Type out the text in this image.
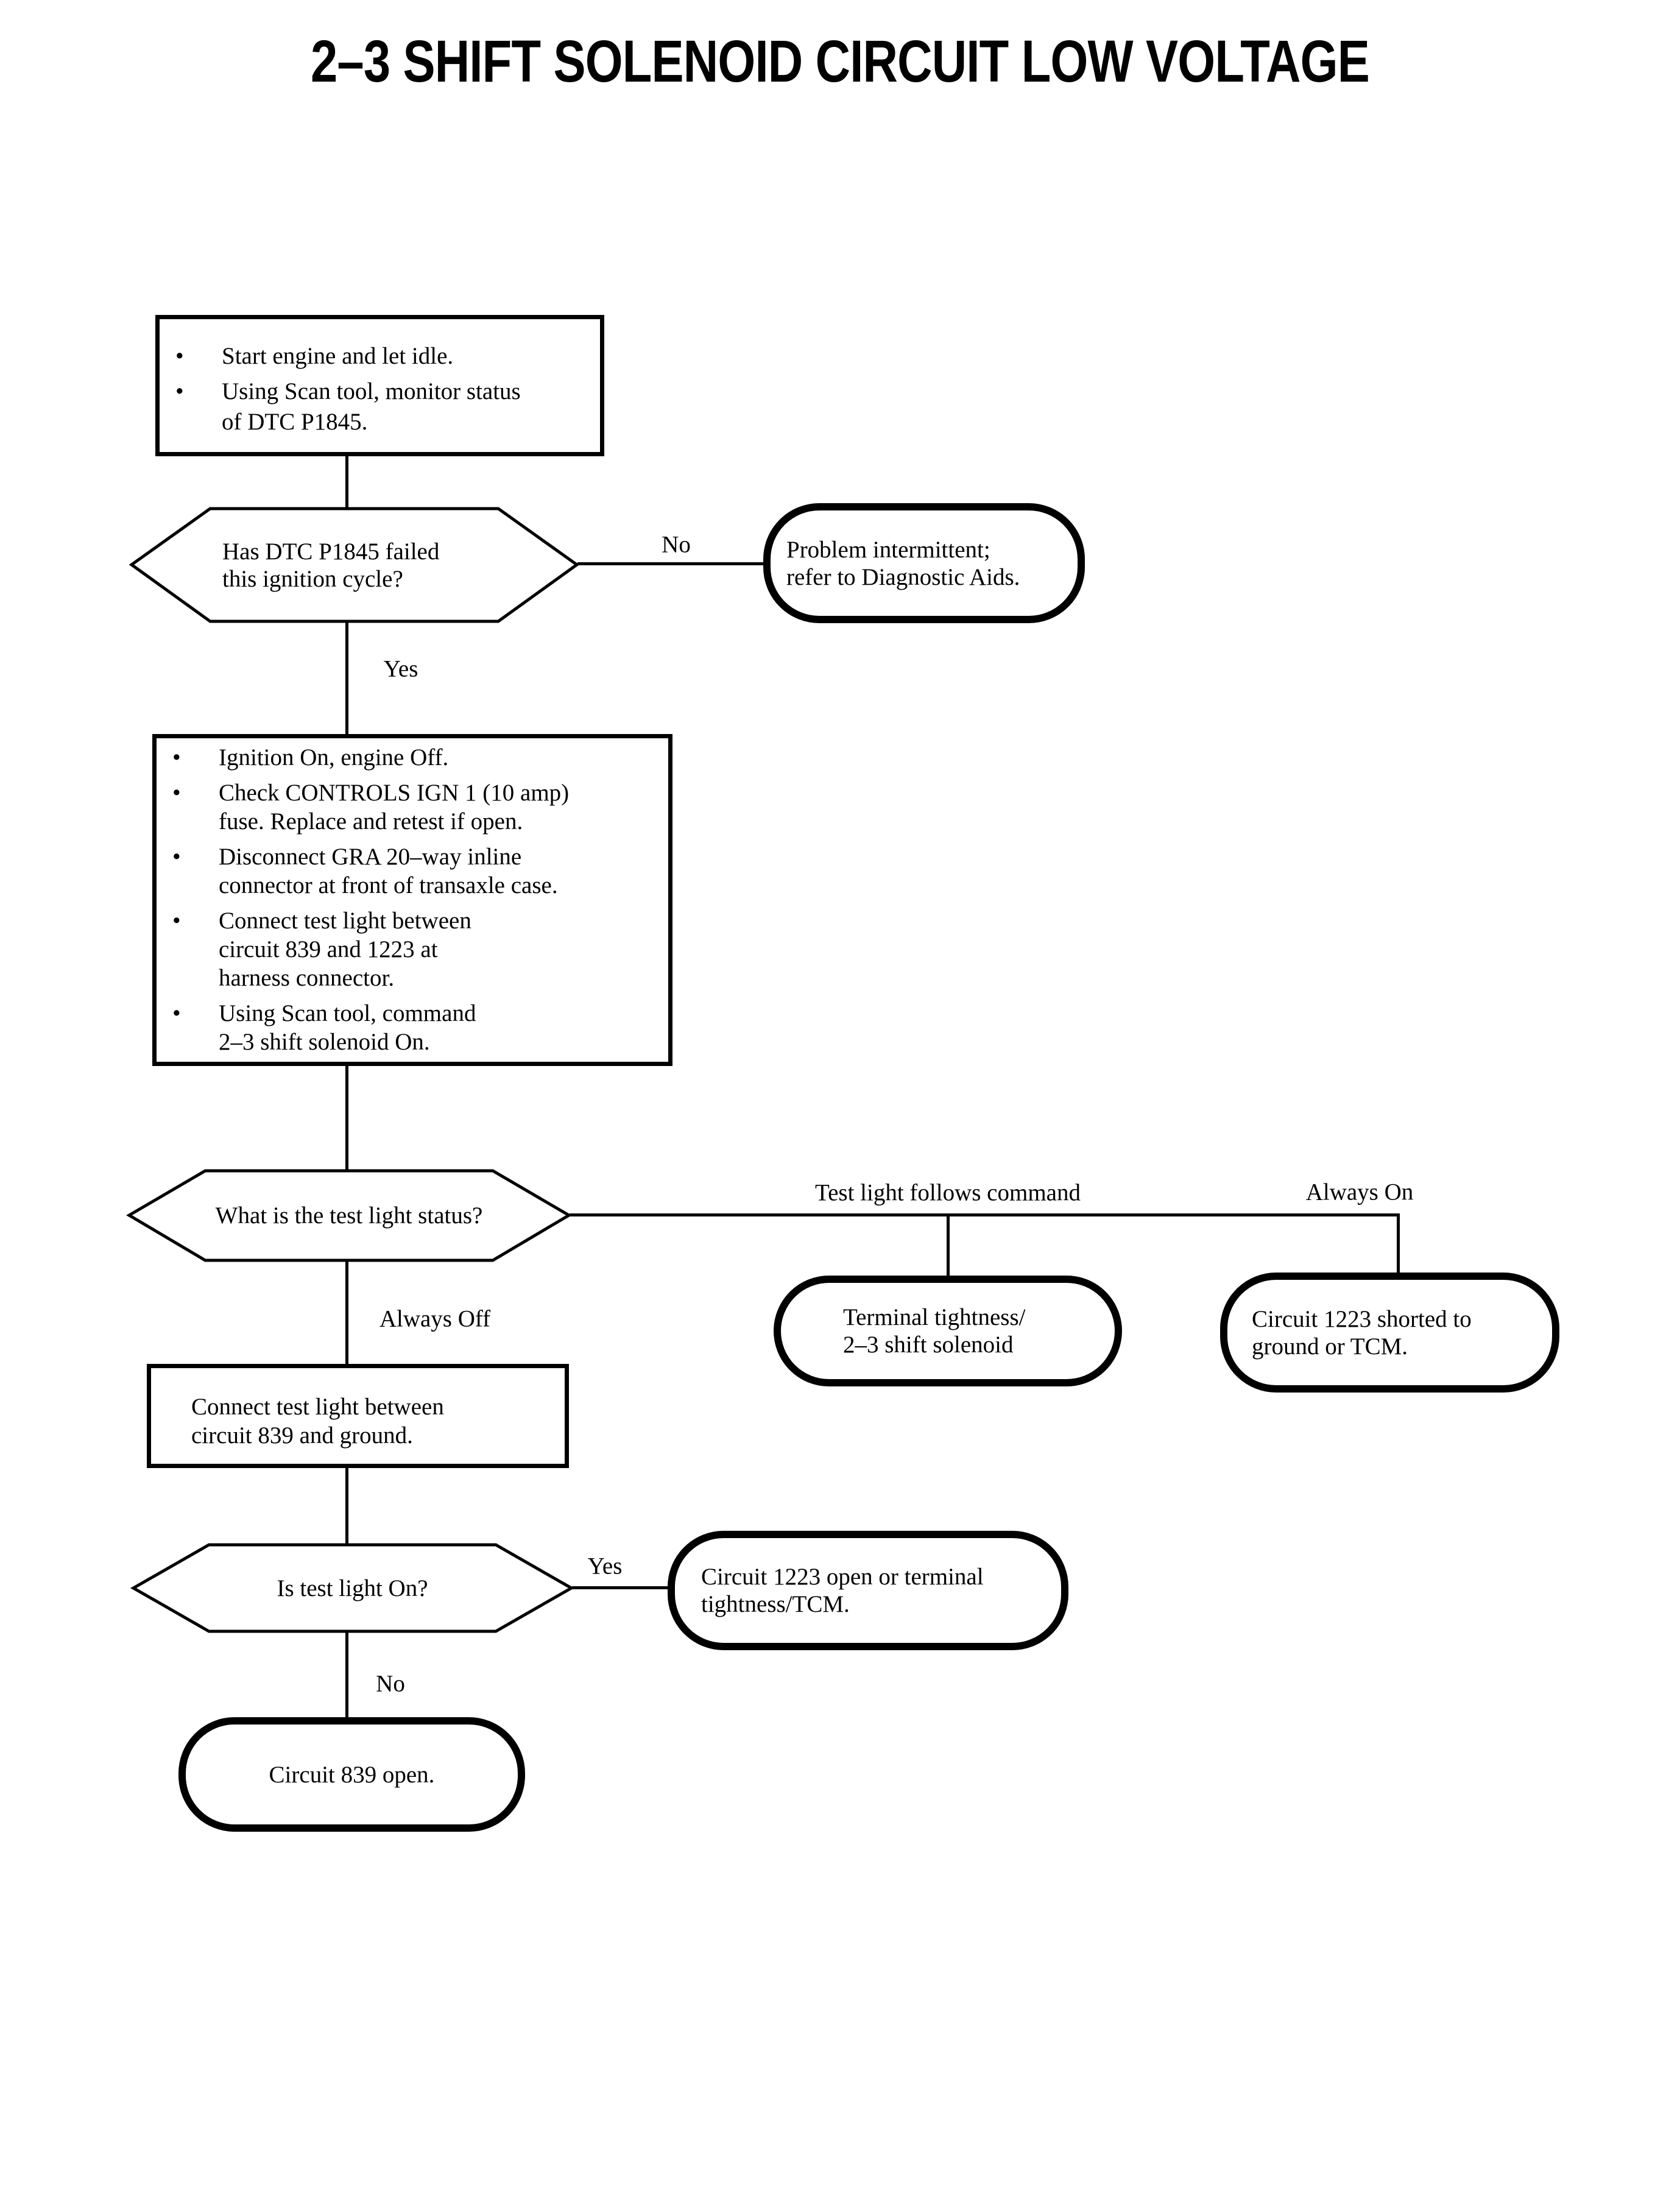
2–3 SHIFT SOLENOID CIRCUIT LOW VOLTAGE
• Start engine and let idle.
• Using Scan tool, monitor status
of DTC P1845.
Has DTC P1845 failed
this ignition cycle?
Problem intermittent;
refer to Diagnostic Aids.
• Ignition On, engine Off.
• Check CONTROLS IGN 1 (10 amp)
fuse. Replace and retest if open.
• Disconnect GRA 20–way inline
connector at front of transaxle case.
• Connect test light between
circuit 839 and 1223 at
harness connector.
• Using Scan tool, command
2–3 shift solenoid On.
What is the test light status?
Terminal tightness/
2–3 shift solenoid
Circuit 1223 shorted to
ground or TCM.
Connect test light between
circuit 839 and ground.
Is test light On?	Circuit 1223 open or terminal
tightness/TCM.
Circuit 839 open.
No
Yes
Test light follows command	Always On
Always Off
Yes
No
